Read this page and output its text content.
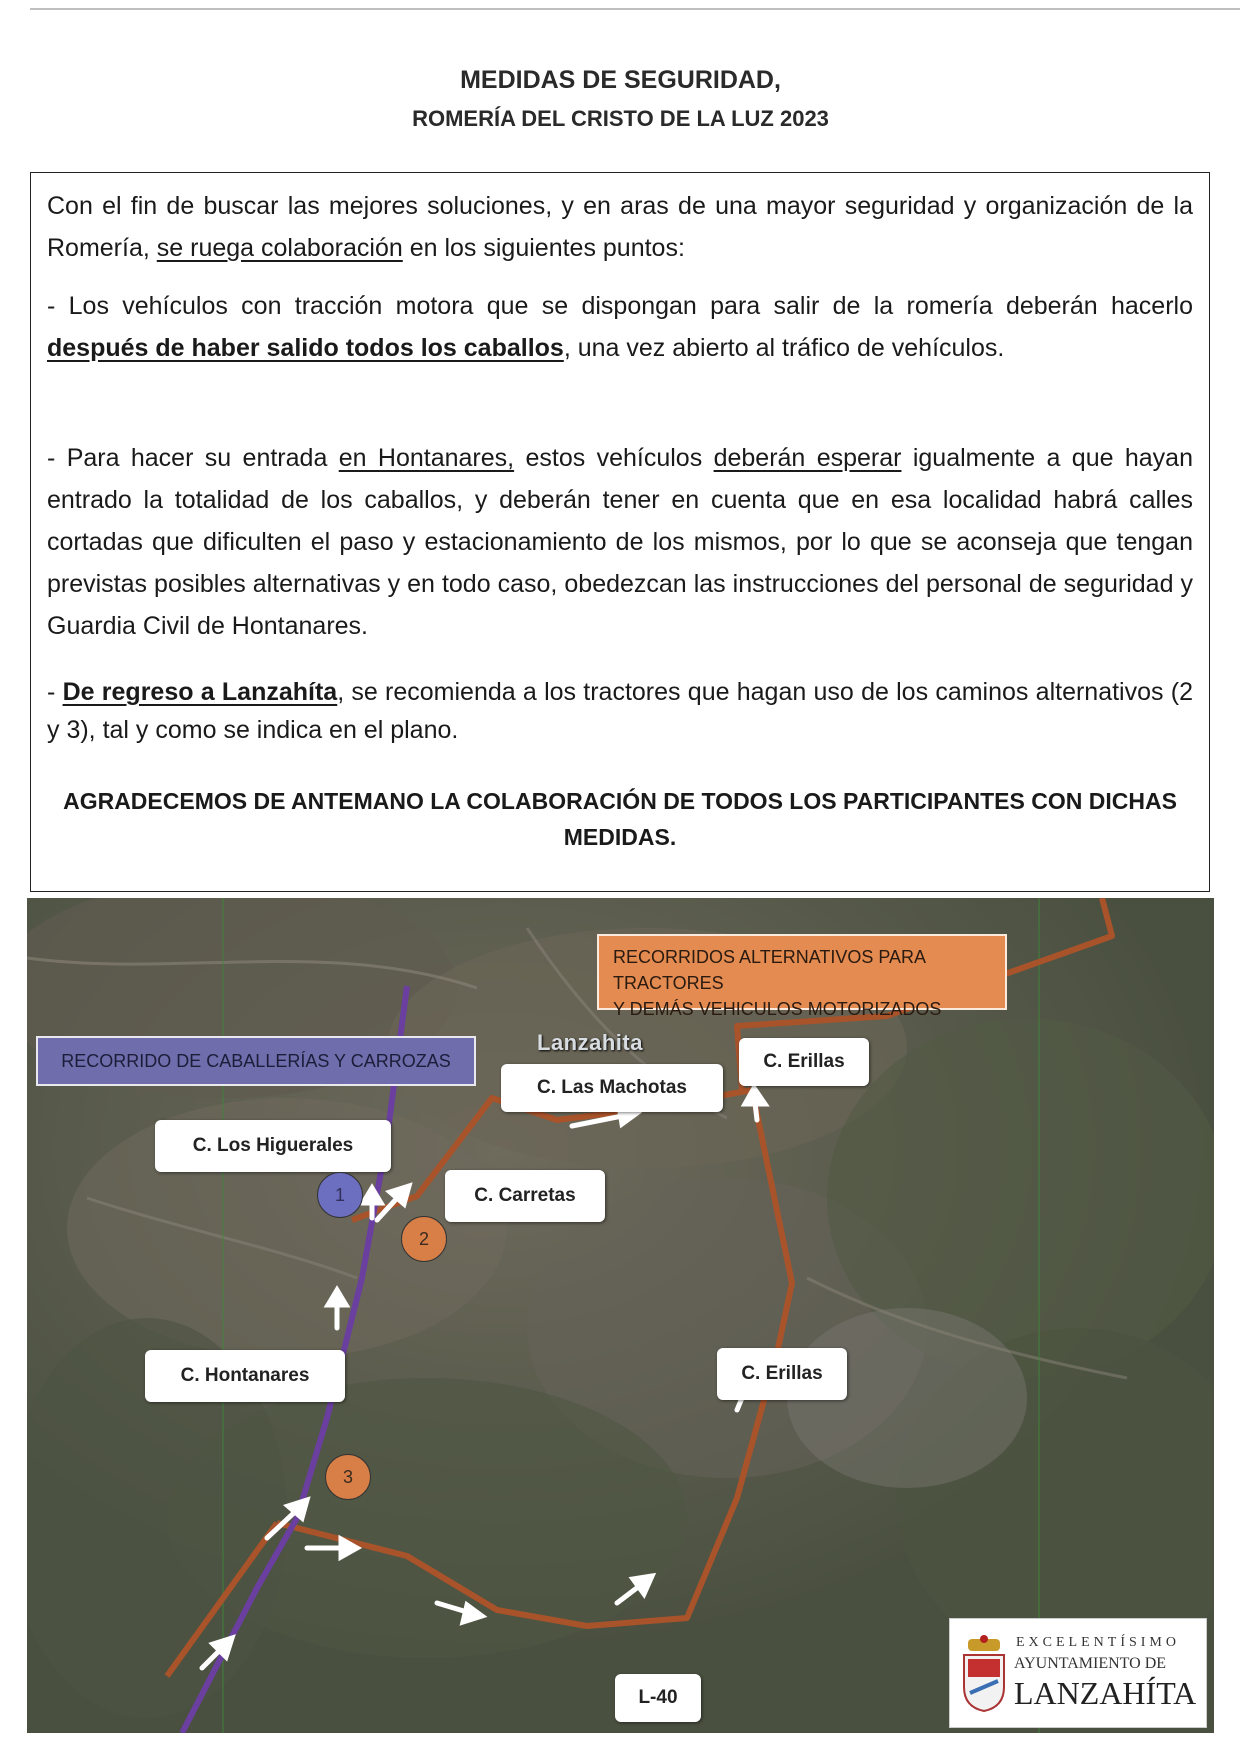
MEDIDAS DE SEGURIDAD,
ROMERÍA DEL CRISTO DE LA LUZ 2023

Con el fin de buscar las mejores soluciones, y en aras de una mayor seguridad y organización de la Romería, se ruega colaboración en los siguientes puntos:

- Los vehículos con tracción motora que se dispongan para salir de la romería deberán hacerlo después de haber salido todos los caballos, una vez abierto al tráfico de vehículos.

- Para hacer su entrada en Hontanares, estos vehículos deberán esperar igualmente a que hayan entrado la totalidad de los caballos, y deberán tener en cuenta que en esa localidad habrá calles cortadas que dificulten el paso y estacionamiento de los mismos, por lo que se aconseja que tengan previstas posibles alternativas y en todo caso, obedezcan las instrucciones del personal de seguridad y Guardia Civil de Hontanares.

- De regreso a Lanzahíta, se recomienda a los tractores que hagan uso de los caminos alternativos (2 y 3), tal y como se indica en el plano.

AGRADECEMOS DE ANTEMANO LA COLABORACIÓN DE TODOS LOS PARTICIPANTES CON DICHAS MEDIDAS.
RECORRIDO DE CABALLERÍAS Y CARROZAS
RECORRIDOS ALTERNATIVOS PARA TRACTORES
Y DEMÁS VEHICULOS MOTORIZADOS
Lanzahita
C. Las Machotas
C. Erillas
C. Los Higuerales
C. Carretas
C. Hontanares	C. Erillas
L-40
1
2
3
EXCELENTÍSIMO
AYUNTAMIENTO DE
LANZAHÍTA
